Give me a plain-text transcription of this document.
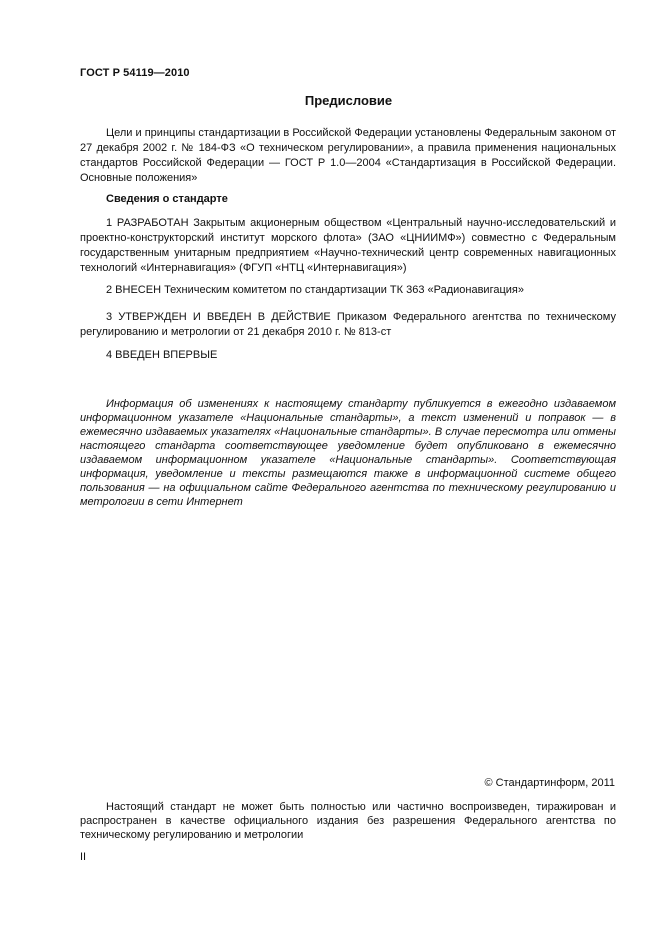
ГОСТ Р 54119—2010
Предисловие
Цели и принципы стандартизации в Российской Федерации установлены Федеральным законом от 27 декабря 2002 г. № 184-ФЗ «О техническом регулировании», а правила применения национальных стандартов Российской Федерации — ГОСТ Р 1.0—2004 «Стандартизация в Российской Федерации. Основные положения»
Сведения о стандарте
1 РАЗРАБОТАН Закрытым акционерным обществом «Центральный научно-исследовательский и проектно-конструкторский институт морского флота» (ЗАО «ЦНИИМФ») совместно с Федеральным государственным унитарным предприятием «Научно-технический центр современных навигационных технологий «Интернавигация» (ФГУП «НТЦ «Интернавигация»)
2 ВНЕСЕН Техническим комитетом по стандартизации ТК 363 «Радионавигация»
3 УТВЕРЖДЕН И ВВЕДЕН В ДЕЙСТВИЕ Приказом Федерального агентства по техническому регулированию и метрологии от 21 декабря 2010 г. № 813-ст
4 ВВЕДЕН ВПЕРВЫЕ
Информация об изменениях к настоящему стандарту публикуется в ежегодно издаваемом информационном указателе «Национальные стандарты», а текст изменений и поправок — в ежемесячно издаваемых указателях «Национальные стандарты». В случае пересмотра или отмены настоящего стандарта соответствующее уведомление будет опубликовано в ежемесячно издаваемом информационном указателе «Национальные стандарты». Соответствующая информация, уведомление и тексты размещаются также в информационной системе общего пользования — на официальном сайте Федерального агентства по техническому регулированию и метрологии в сети Интернет
© Стандартинформ, 2011
Настоящий стандарт не может быть полностью или частично воспроизведен, тиражирован и распространен в качестве официального издания без разрешения Федерального агентства по техническому регулированию и метрологии
II
